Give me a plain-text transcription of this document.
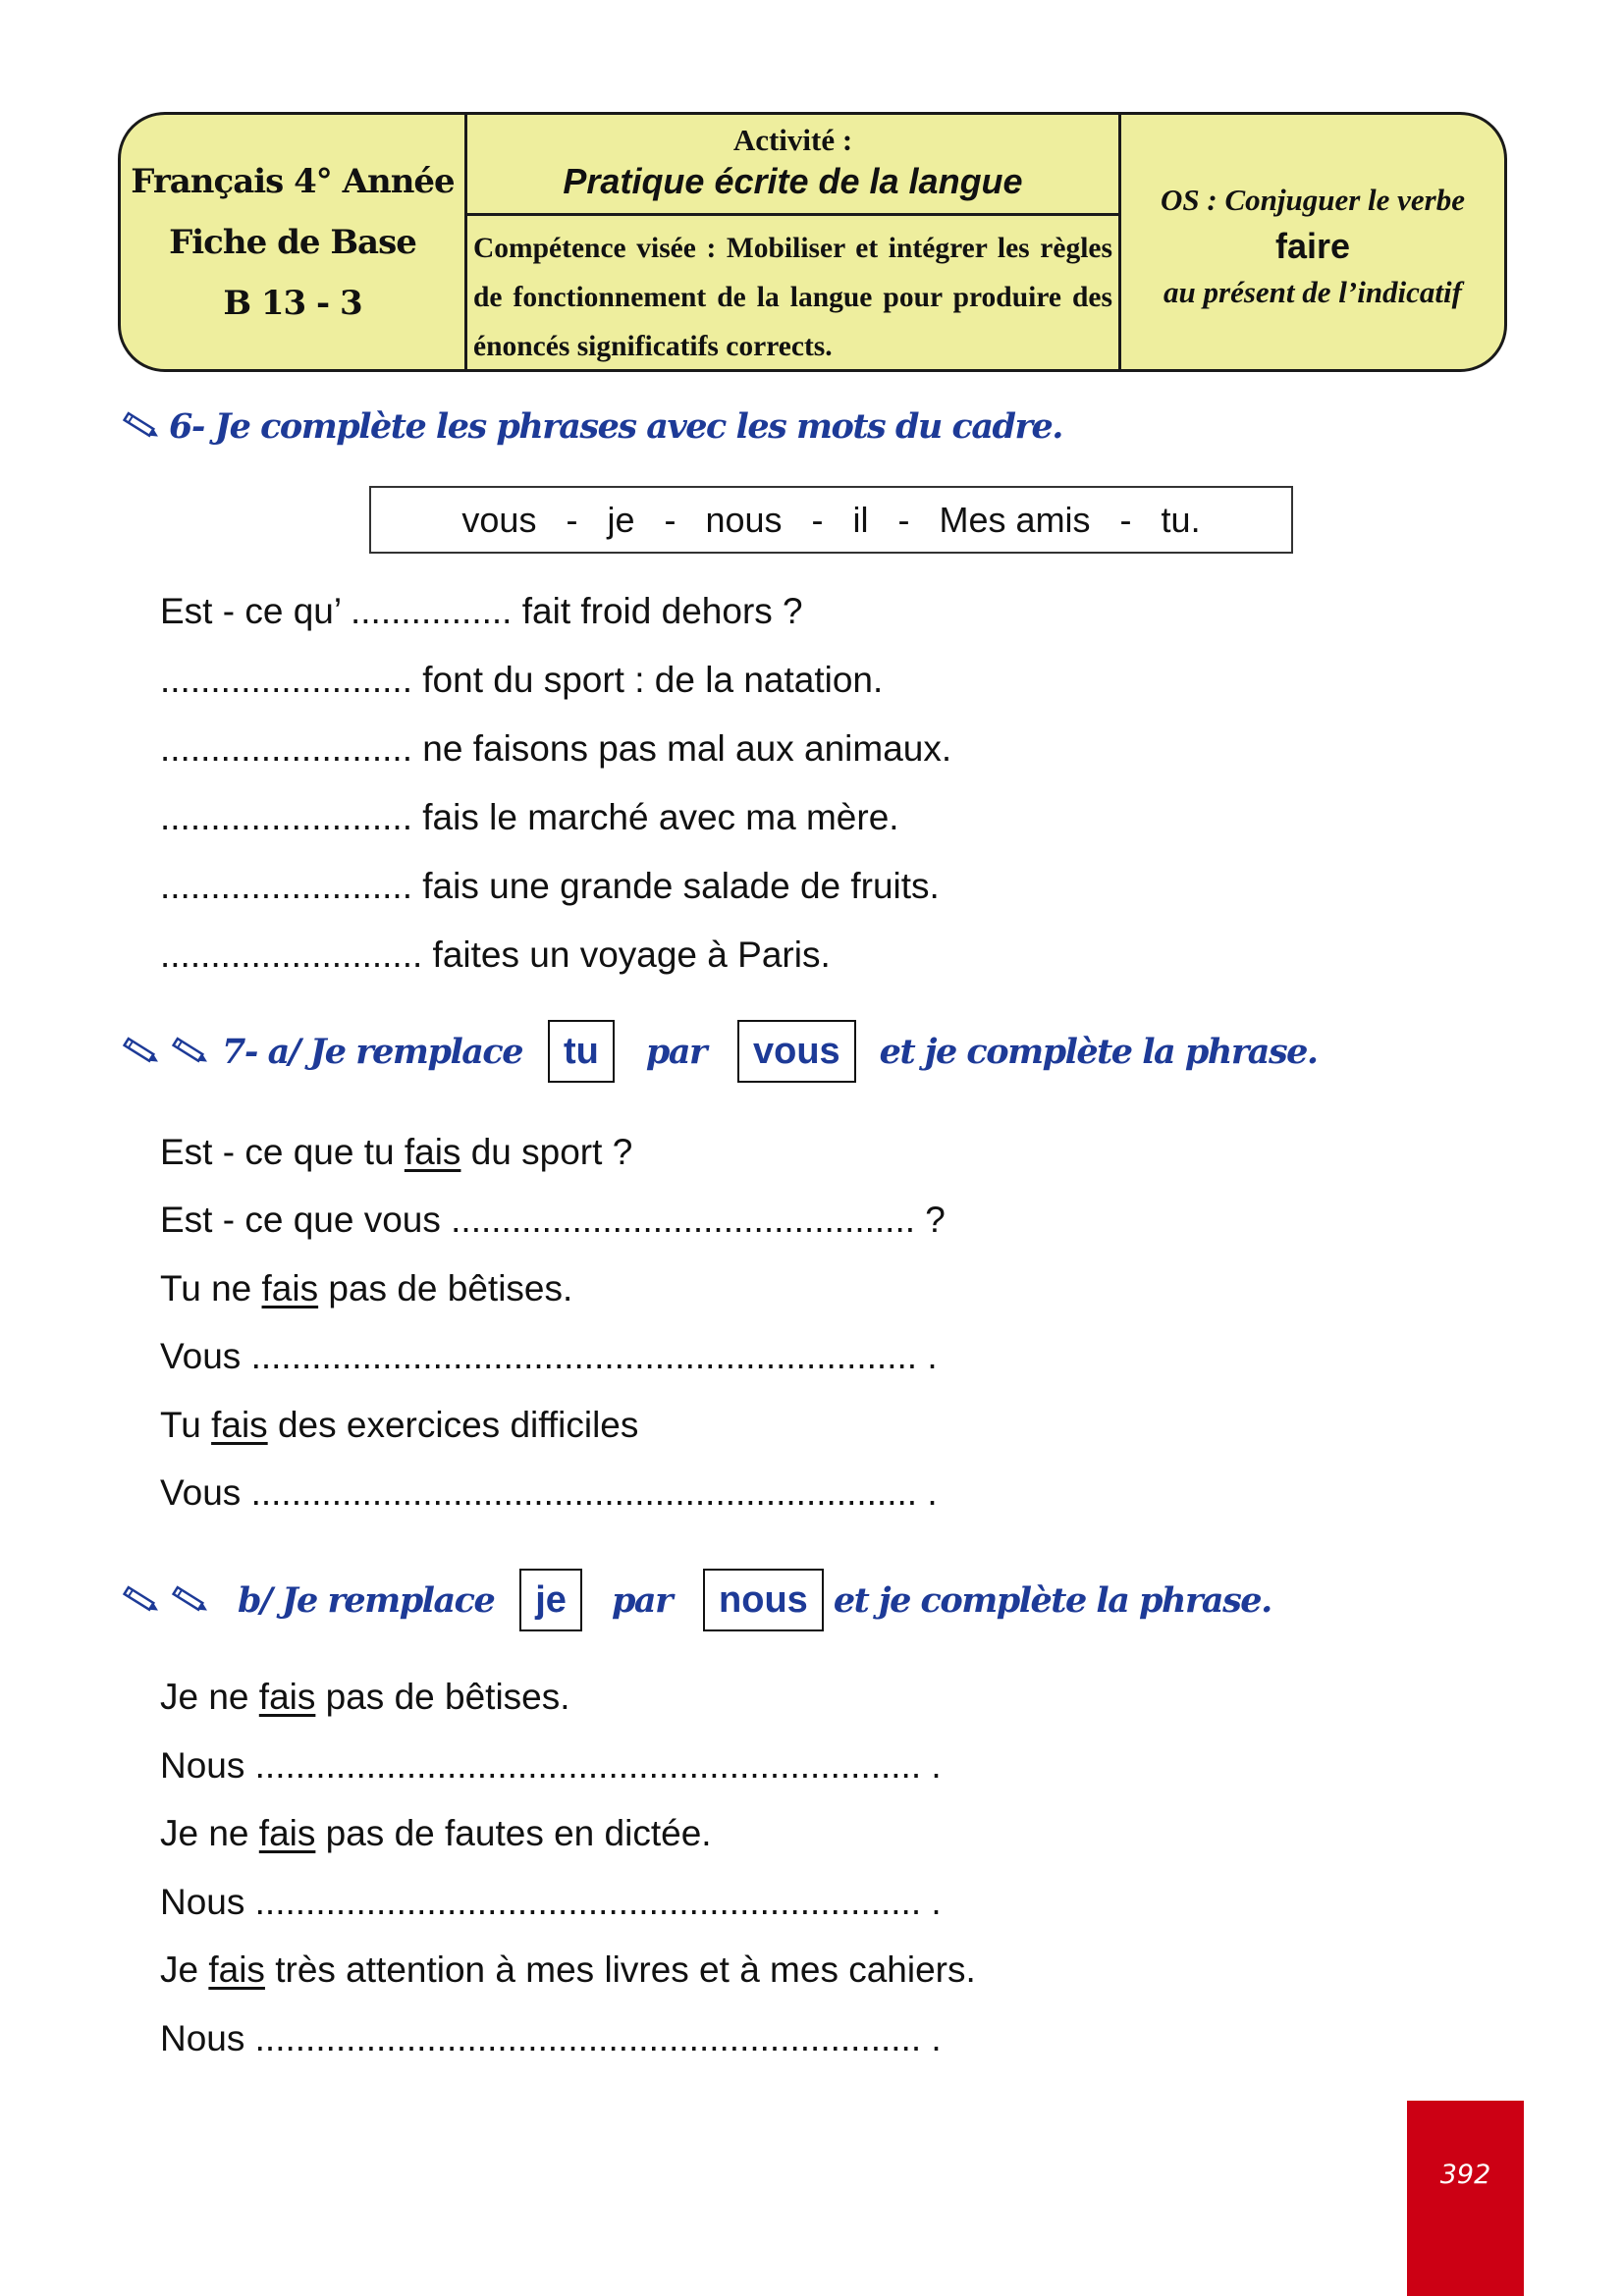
Français 4° Année
Fiche de Base
B 13 - 3
Activité :
Pratique écrite de la langue
Compétence visée : Mobiliser et intégrer les règles de fonctionnement de la langue pour produire des énoncés significatifs corrects.
OS : Conjuguer le verbe
faire
au présent de l’indicatif
6- Je complète les phrases avec les mots du cadre.
vous   -   je   -   nous   -   il   -   Mes amis   -   tu.
Est - ce qu’ ................ fait froid dehors ?
......................... font du sport : de la natation.
......................... ne faisons pas mal aux animaux.
......................... fais le marché avec ma mère.
......................... fais une grande salade de fruits.
.......................... faites un voyage à Paris.
7- a/ Je remplace	tu	par	vous	et je complète la phrase.
Est - ce que tu fais du sport ?
Est - ce que vous .............................................. ?
Tu ne fais pas de bêtises.
Vous .................................................................. .
Tu fais des exercices difficiles
Vous .................................................................. .
b/ Je remplace	je	par	nous et je complète la phrase.
Je ne fais pas de bêtises.
Nous .................................................................. .
Je ne fais pas de fautes en dictée.
Nous .................................................................. .
Je fais très attention à mes livres et à mes cahiers.
Nous .................................................................. .
392
